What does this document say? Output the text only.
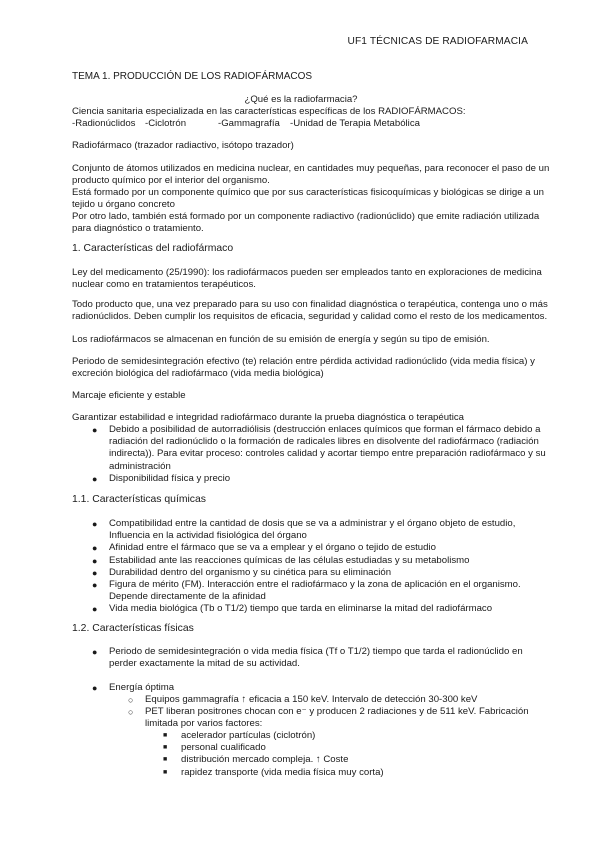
UF1 TÉCNICAS DE RADIOFARMACIA
TEMA 1. PRODUCCIÓN DE LOS RADIOFÁRMACOS
¿Qué es la radiofarmacia?
Ciencia sanitaria especializada en las características específicas de los RADIOFÁRMACOS:
-Radionúclidos -Ciclotrón	-Gammagrafía -Unidad de Terapia Metabólica
Radiofármaco (trazador radiactivo, isótopo trazador)
Conjunto de átomos utilizados en medicina nuclear, en cantidades muy pequeñas, para reconocer el paso de un
producto químico por el interior del organismo.
Está formado por un componente químico que por sus características fisicoquímicas y biológicas se dirige a un
tejido u órgano concreto
Por otro lado, también está formado por un componente radiactivo (radionúclido) que emite radiación utilizada
para diagnóstico o tratamiento.
1. Características del radiofármaco
Ley del medicamento (25/1990): los radiofármacos pueden ser empleados tanto en exploraciones de medicina
nuclear como en tratamientos terapéuticos.
Todo producto que, una vez preparado para su uso con finalidad diagnóstica o terapéutica, contenga uno o más
radionúclidos. Deben cumplir los requisitos de eficacia, seguridad y calidad como el resto de los medicamentos.
Los radiofármacos se almacenan en función de su emisión de energía y según su tipo de emisión.
Periodo de semidesintegración efectivo (te) relación entre pérdida actividad radionúclido (vida media física) y
excreción biológica del radiofármaco (vida media biológica)
Marcaje eficiente y estable
Garantizar estabilidad e integridad radiofármaco durante la prueba diagnóstica o terapéutica
● Debido a posibilidad de autorradiólisis (destrucción enlaces químicos que forman el fármaco debido a
radiación del radionúclido o la formación de radicales libres en disolvente del radiofármaco (radiación
indirecta)). Para evitar proceso: controles calidad y acortar tiempo entre preparación radiofármaco y su
administración
● Disponibilidad física y precio
1.1. Características químicas
● Compatibilidad entre la cantidad de dosis que se va a administrar y el órgano objeto de estudio,
Influencia en la actividad fisiológica del órgano
● Afinidad entre el fármaco que se va a emplear y el órgano o tejido de estudio
● Estabilidad ante las reacciones químicas de las células estudiadas y su metabolismo
● Durabilidad dentro del organismo y su cinética para su eliminación
● Figura de mérito (FM). Interacción entre el radiofármaco y la zona de aplicación en el organismo.
Depende directamente de la afinidad
● Vida media biológica (Tb o T1/2) tiempo que tarda en eliminarse la mitad del radiofármaco
1.2. Características físicas
● Periodo de semidesintegración o vida media física (Tf o T1/2) tiempo que tarda el radionúclido en
perder exactamente la mitad de su actividad.
● Energía óptima
○ Equipos gammagrafía ↑ eficacia a 150 keV. Intervalo de detección 30-300 keV
○ PET liberan positrones chocan con e⁻ y producen 2 radiaciones y de 511 keV. Fabricación
limitada por varios factores:
■ acelerador partículas (ciclotrón)
■ personal cualificado
■ distribución mercado compleja. ↑ Coste
■ rapidez transporte (vida media física muy corta)
